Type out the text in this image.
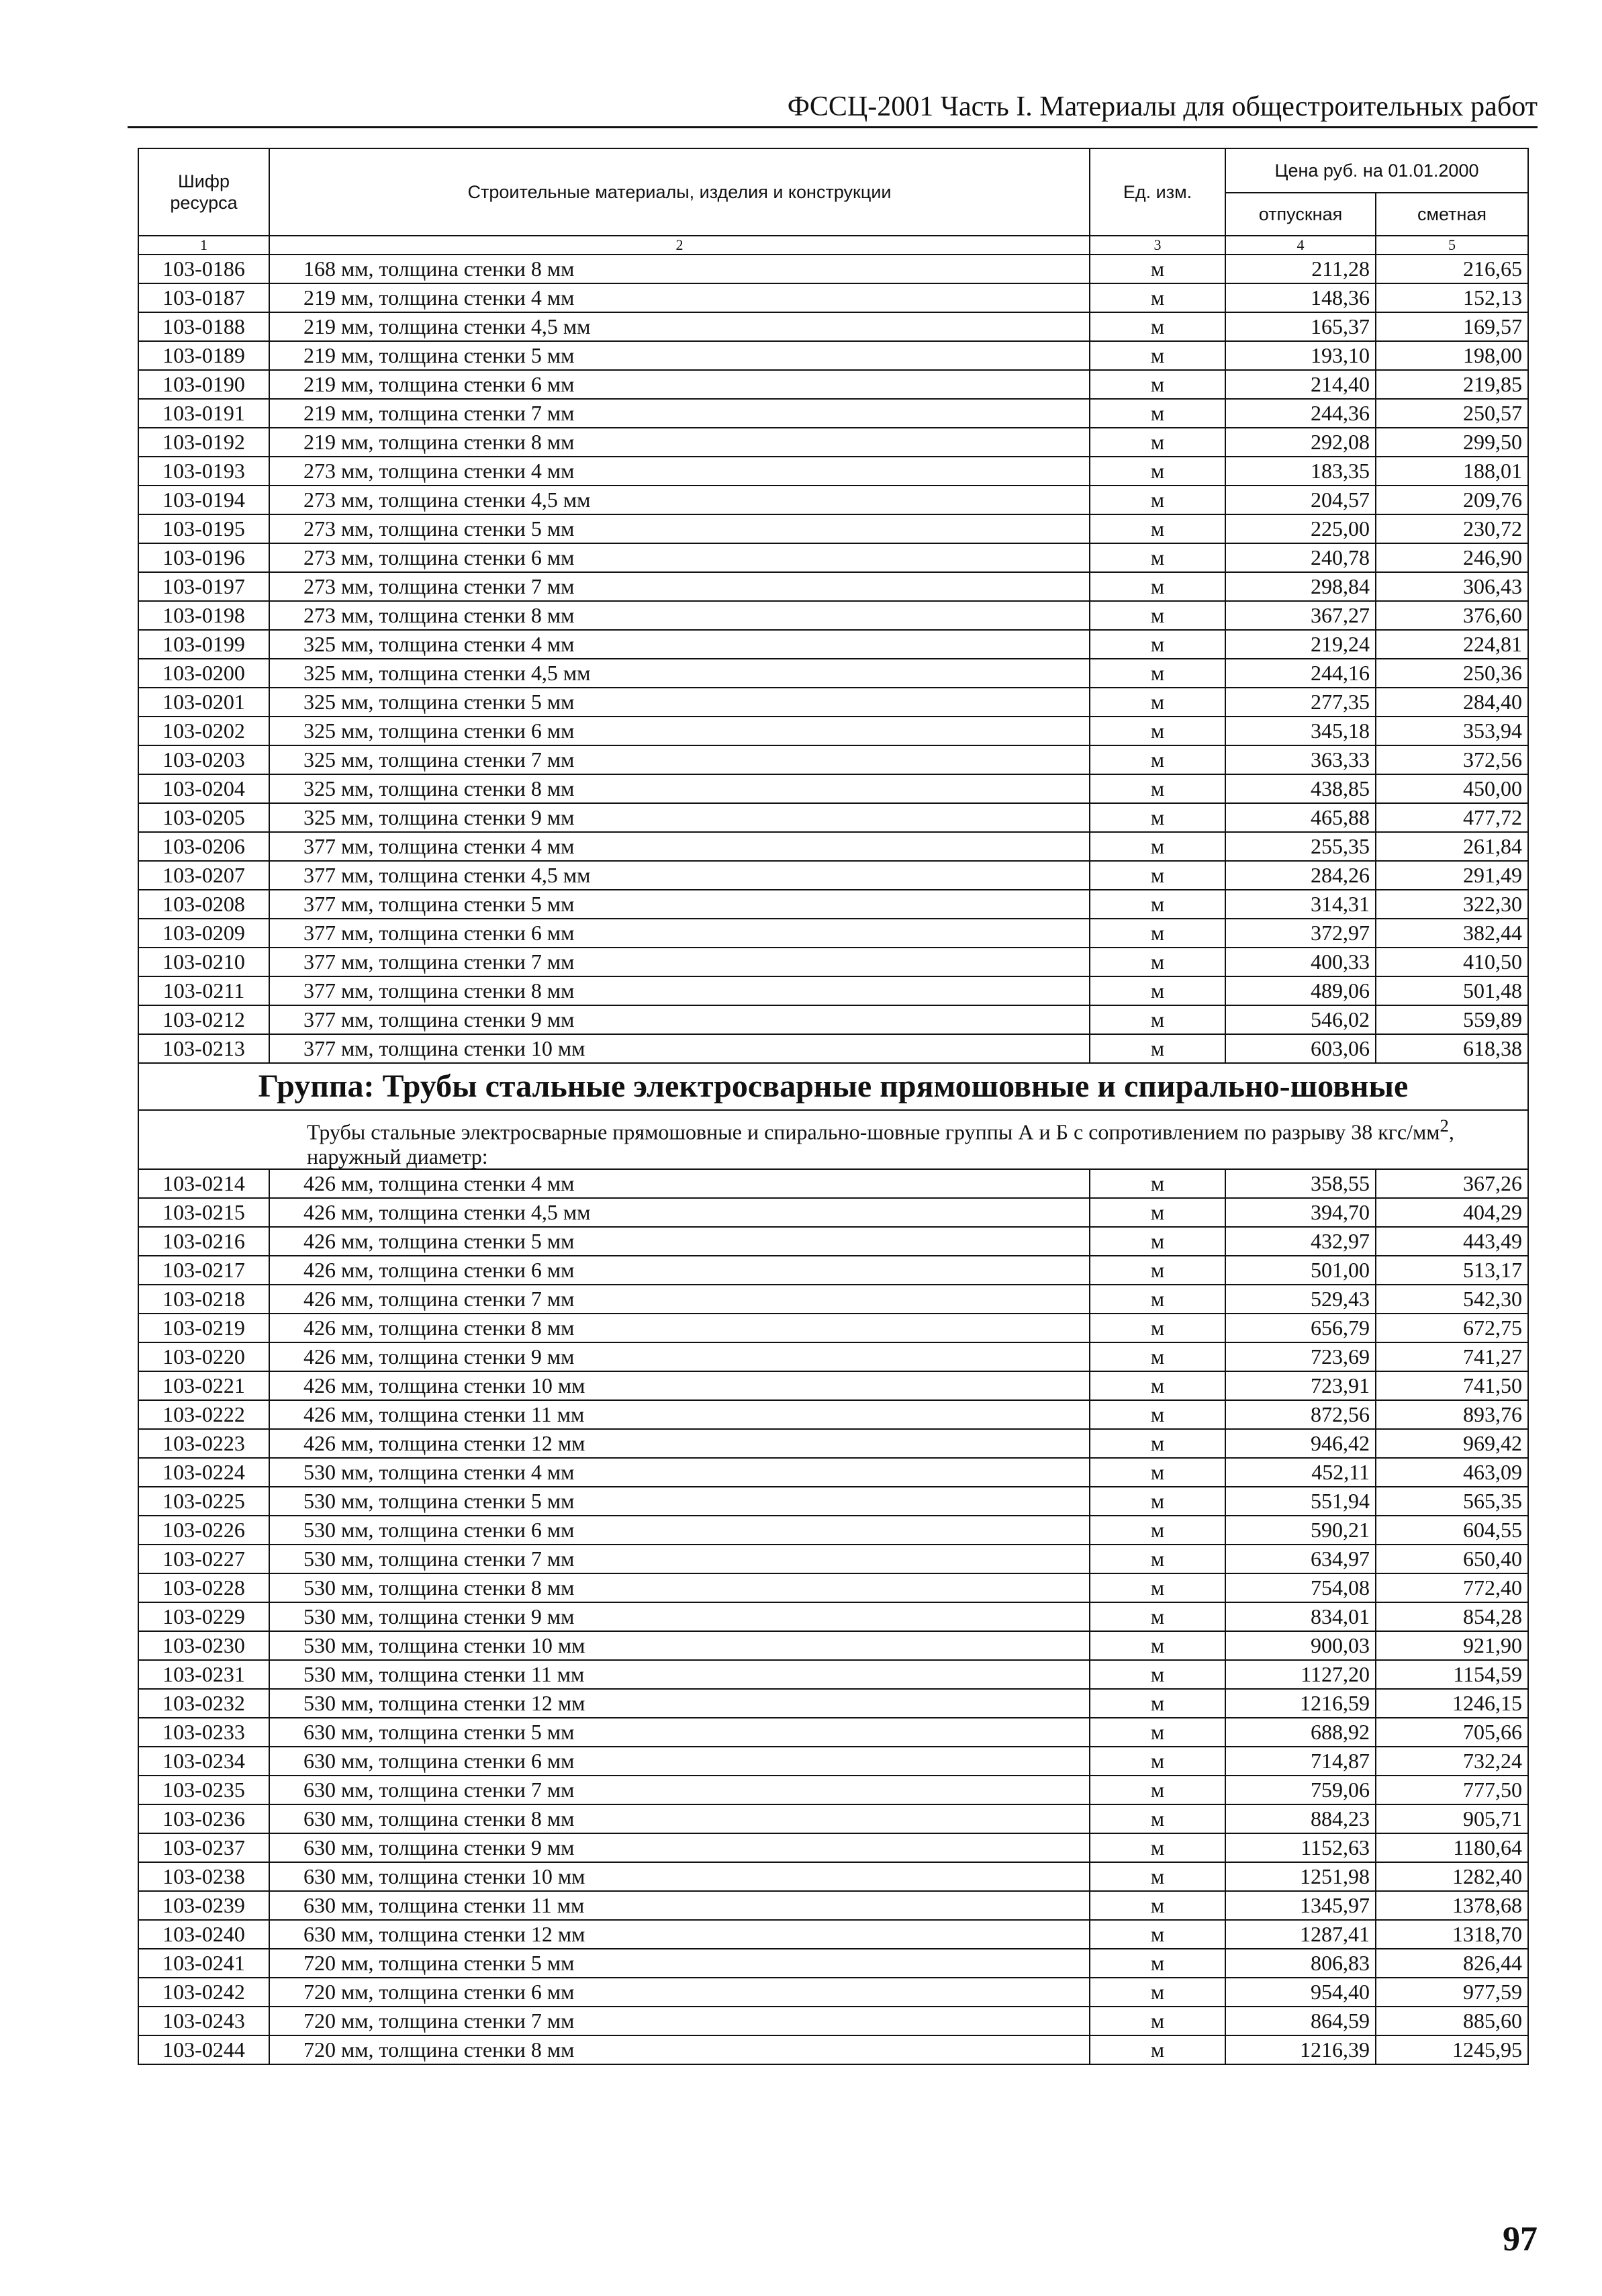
ФССЦ-2001 Часть I. Материалы для общестроительных работ
Шифр ресурса	Строительные материалы, изделия и конструкции	Ед. изм.	Цена руб. на 01.01.2000	
			отпускная	сметная
1	2	3	4	5
103-0186	168 мм, толщина стенки 8 мм	м	211,28	216,65
103-0187	219 мм, толщина стенки 4 мм	м	148,36	152,13
103-0188	219 мм, толщина стенки 4,5 мм	м	165,37	169,57
103-0189	219 мм, толщина стенки 5 мм	м	193,10	198,00
103-0190	219 мм, толщина стенки 6 мм	м	214,40	219,85
103-0191	219 мм, толщина стенки 7 мм	м	244,36	250,57
103-0192	219 мм, толщина стенки 8 мм	м	292,08	299,50
103-0193	273 мм, толщина стенки 4 мм	м	183,35	188,01
103-0194	273 мм, толщина стенки 4,5 мм	м	204,57	209,76
103-0195	273 мм, толщина стенки 5 мм	м	225,00	230,72
103-0196	273 мм, толщина стенки 6 мм	м	240,78	246,90
103-0197	273 мм, толщина стенки 7 мм	м	298,84	306,43
103-0198	273 мм, толщина стенки 8 мм	м	367,27	376,60
103-0199	325 мм, толщина стенки 4 мм	м	219,24	224,81
103-0200	325 мм, толщина стенки 4,5 мм	м	244,16	250,36
103-0201	325 мм, толщина стенки 5 мм	м	277,35	284,40
103-0202	325 мм, толщина стенки 6 мм	м	345,18	353,94
103-0203	325 мм, толщина стенки 7 мм	м	363,33	372,56
103-0204	325 мм, толщина стенки 8 мм	м	438,85	450,00
103-0205	325 мм, толщина стенки 9 мм	м	465,88	477,72
103-0206	377 мм, толщина стенки 4 мм	м	255,35	261,84
103-0207	377 мм, толщина стенки 4,5 мм	м	284,26	291,49
103-0208	377 мм, толщина стенки 5 мм	м	314,31	322,30
103-0209	377 мм, толщина стенки 6 мм	м	372,97	382,44
103-0210	377 мм, толщина стенки 7 мм	м	400,33	410,50
103-0211	377 мм, толщина стенки 8 мм	м	489,06	501,48
103-0212	377 мм, толщина стенки 9 мм	м	546,02	559,89
103-0213	377 мм, толщина стенки 10 мм	м	603,06	618,38
Группа: Трубы стальные электросварные прямошовные и спирально-шовные				
Трубы стальные электросварные прямошовные и спирально-шовные группы А и Б с сопротивлением по разрыву 38 кгс/$мм^2$, наружный диаметр:				
103-0214	426 мм, толщина стенки 4 мм	м	358,55	367,26
103-0215	426 мм, толщина стенки 4,5 мм	м	394,70	404,29
103-0216	426 мм, толщина стенки 5 мм	м	432,97	443,49
103-0217	426 мм, толщина стенки 6 мм	м	501,00	513,17
103-0218	426 мм, толщина стенки 7 мм	м	529,43	542,30
103-0219	426 мм, толщина стенки 8 мм	м	656,79	672,75
103-0220	426 мм, толщина стенки 9 мм	м	723,69	741,27
103-0221	426 мм, толщина стенки 10 мм	м	723,91	741,50
103-0222	426 мм, толщина стенки 11 мм	м	872,56	893,76
103-0223	426 мм, толщина стенки 12 мм	м	946,42	969,42
103-0224	530 мм, толщина стенки 4 мм	м	452,11	463,09
103-0225	530 мм, толщина стенки 5 мм	м	551,94	565,35
103-0226	530 мм, толщина стенки 6 мм	м	590,21	604,55
103-0227	530 мм, толщина стенки 7 мм	м	634,97	650,40
103-0228	530 мм, толщина стенки 8 мм	м	754,08	772,40
103-0229	530 мм, толщина стенки 9 мм	м	834,01	854,28
103-0230	530 мм, толщина стенки 10 мм	м	900,03	921,90
103-0231	530 мм, толщина стенки 11 мм	м	1127,20	1154,59
103-0232	530 мм, толщина стенки 12 мм	м	1216,59	1246,15
103-0233	630 мм, толщина стенки 5 мм	м	688,92	705,66
103-0234	630 мм, толщина стенки 6 мм	м	714,87	732,24
103-0235	630 мм, толщина стенки 7 мм	м	759,06	777,50
103-0236	630 мм, толщина стенки 8 мм	м	884,23	905,71
103-0237	630 мм, толщина стенки 9 мм	м	1152,63	1180,64
103-0238	630 мм, толщина стенки 10 мм	м	1251,98	1282,40
103-0239	630 мм, толщина стенки 11 мм	м	1345,97	1378,68
103-0240	630 мм, толщина стенки 12 мм	м	1287,41	1318,70
103-0241	720 мм, толщина стенки 5 мм	м	806,83	826,44
103-0242	720 мм, толщина стенки 6 мм	м	954,40	977,59
103-0243	720 мм, толщина стенки 7 мм	м	864,59	885,60
103-0244	720 мм, толщина стенки 8 мм	м	1216,39	1245,95
97
